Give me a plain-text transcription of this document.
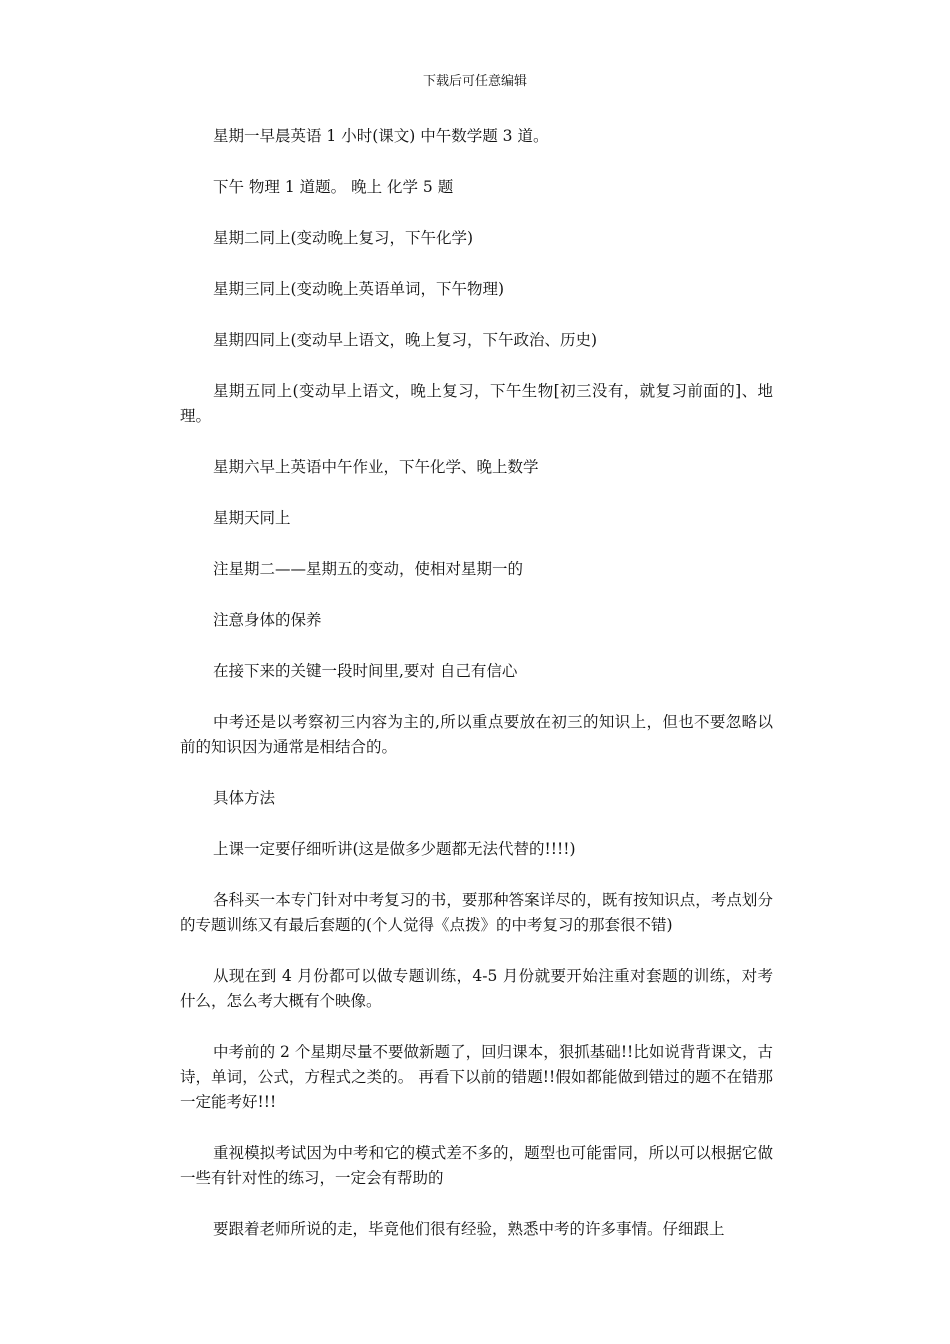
下载后可任意编辑

星期一早晨英语 1 小时(课文) 中午数学题 3 道。

下午 物理 1 道题。 晚上 化学 5 题

星期二同上(变动晚上复习，下午化学)

星期三同上(变动晚上英语单词，下午物理)

星期四同上(变动早上语文，晚上复习，下午政治、历史)

星期五同上(变动早上语文，晚上复习，下午生物[初三没有，就复习前面的]、地理。

星期六早上英语中午作业，下午化学、晚上数学

星期天同上

注星期二——星期五的变动，使相对星期一的

注意身体的保养

在接下来的关键一段时间里,要对 自己有信心

中考还是以考察初三内容为主的,所以重点要放在初三的知识上，但也不要忽略以前的知识因为通常是相结合的。

具体方法

上课一定要仔细听讲(这是做多少题都无法代替的!!!!)

各科买一本专门针对中考复习的书，要那种答案详尽的，既有按知识点，考点划分的专题训练又有最后套题的(个人觉得《点拨》的中考复习的那套很不错)

从现在到 4 月份都可以做专题训练，4-5 月份就要开始注重对套题的训练，对考什么，怎么考大概有个映像。

中考前的 2 个星期尽量不要做新题了，回归课本，狠抓基础!!比如说背背课文，古诗，单词，公式，方程式之类的。 再看下以前的错题!!假如都能做到错过的题不在错那一定能考好!!!

重视模拟考试因为中考和它的模式差不多的，题型也可能雷同，所以可以根据它做一些有针对性的练习，一定会有帮助的

要跟着老师所说的走，毕竟他们很有经验，熟悉中考的许多事情。仔细跟上
